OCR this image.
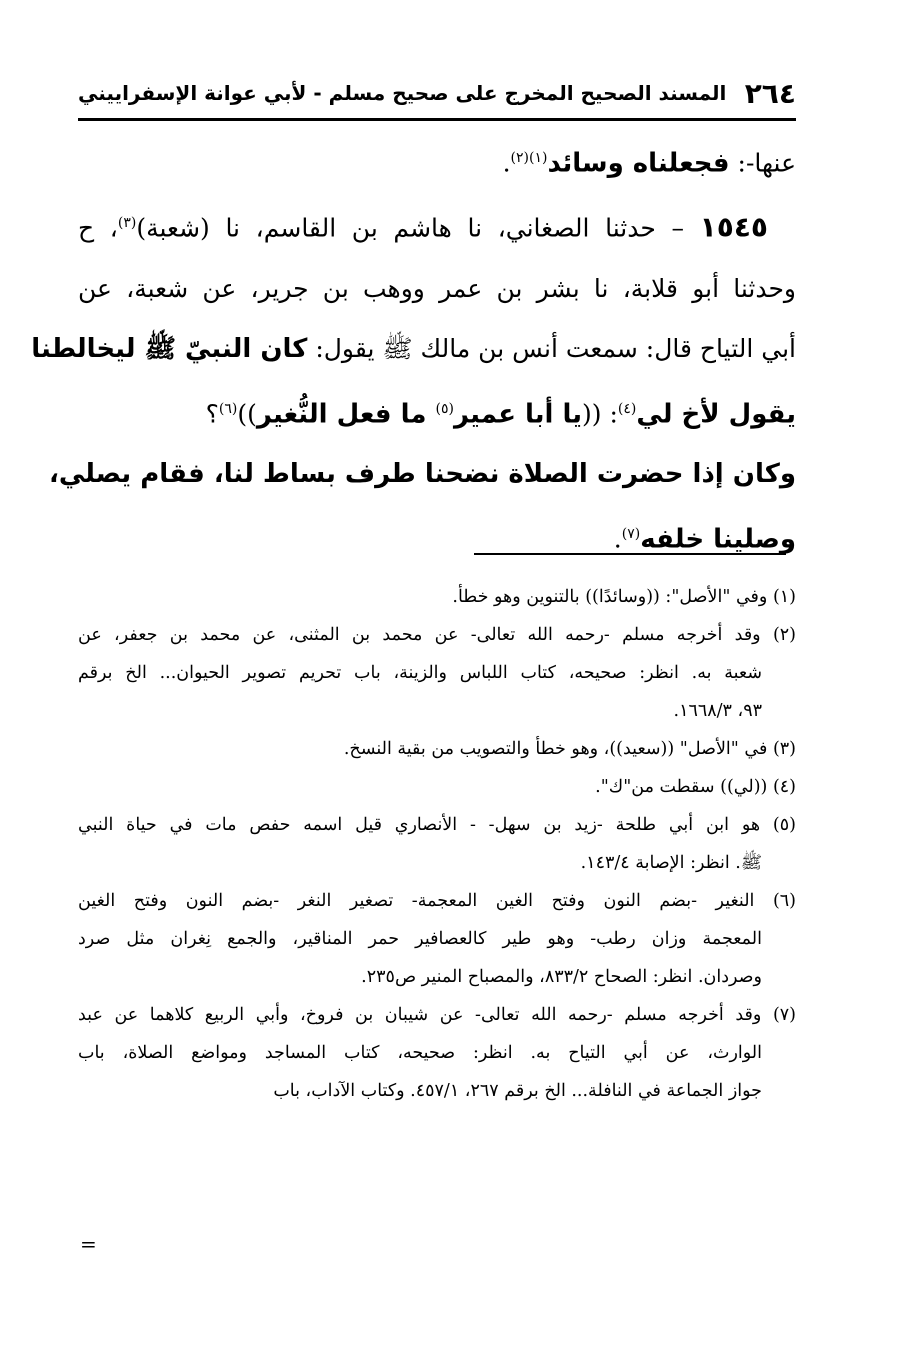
٢٦٤
المسند الصحيح المخرج على صحيح مسلم - لأبي عوانة الإسفراييني
عنها-: فجعلناه وسائد$^{(١)(٢)}$.
١٥٤٥ – حدثنا الصغاني، نا هاشم بن القاسم، نا (شعبة)$^{(٣)}$، ح
وحدثنا أبو قلابة، نا بشر بن عمر ووهب بن جرير، عن شعبة، عن
أبي التياح قال: سمعت أنس بن مالك ﷺ يقول: كان النبيّ ﷺ ليخالطنا
يقول لأخ لي$^{(٤)}$: ((يا أبا عمير$^{(٥)}$ ما فعل النُّغير))$^{(٦)}$؟
وكان إذا حضرت الصلاة نضحنا طرف بساط لنا، فقام يصلي،
وصلينا خلفه$^{(٧)}$.
(١) وفي "الأصل": ((وسائدًا)) بالتنوين وهو خطأ.
(٢) وقد أخرجه مسلم -رحمه الله تعالى- عن محمد بن المثنى، عن محمد بن جعفر، عن
شعبة به. انظر: صحيحه، كتاب اللباس والزينة، باب تحريم تصوير الحيوان... الخ برقم
٩٣، ١٦٦٨/٣.
(٣) في "الأصل" ((سعيد))، وهو خطأ والتصويب من بقية النسخ.
(٤) ((لي)) سقطت من"ك".
(٥) هو ابن أبي طلحة -زيد بن سهل- - الأنصاري قيل اسمه حفص مات في حياة النبي
ﷺ. انظر: الإصابة ١٤٣/٤.
(٦) النغير -بضم النون وفتح الغين المعجمة- تصغير النغر -بضم النون وفتح الغين
المعجمة وزان رطب- وهو طير كالعصافير حمر المناقير، والجمع نِغران مثل صرد
وصردان. انظر: الصحاح ٨٣٣/٢، والمصباح المنير ص٢٣٥.
(٧) وقد أخرجه مسلم -رحمه الله تعالى- عن شيبان بن فروخ، وأبي الربيع كلاهما عن عبد
الوارث، عن أبي التياح به. انظر: صحيحه، كتاب المساجد ومواضع الصلاة، باب
جواز الجماعة في النافلة... الخ برقم ٢٦٧، ٤٥٧/١. وكتاب الآداب، باب
=
